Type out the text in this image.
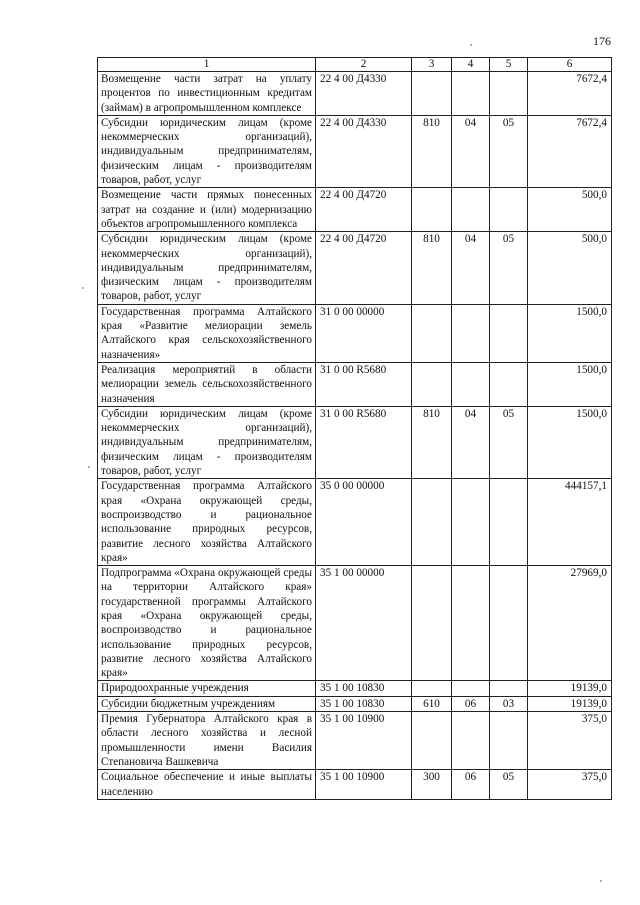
176
1	2	3	4	5	6
Возмещение части затрат на уплату процентов по инвестиционным кредитам (займам) в агропромышленном комплексе	22 4 00 Д4330				7672,4
Субсидии юридическим лицам (кроме некоммерческих организаций), индивидуальным предпринимателям, физическим лицам - производителям товаров, работ, услуг	22 4 00 Д4330	810	04	05	7672,4
Возмещение части прямых понесенных затрат на создание и (или) модернизацию объектов агропромышленного комплекса	22 4 00 Д4720				500,0
Субсидии юридическим лицам (кроме некоммерческих организаций), индивидуальным предпринимателям, физическим лицам - производителям товаров, работ, услуг	22 4 00 Д4720	810	04	05	500,0
Государственная программа Алтайского края «Развитие мелиорации земель Алтайского края сельскохозяйственного назначения»	31 0 00 00000				1500,0
Реализация мероприятий в области мелиорации земель сельскохозяйственного назначения	31 0 00 R5680				1500,0
Субсидии юридическим лицам (кроме некоммерческих организаций), индивидуальным предпринимателям, физическим лицам - производителям товаров, работ, услуг	31 0 00 R5680	810	04	05	1500,0
Государственная программа Алтайского края «Охрана окружающей среды, воспроизводство и рациональное использование природных ресурсов, развитие лесного хозяйства Алтайского края»	35 0 00 00000				444157,1
Подпрограмма «Охрана окружающей среды на территории Алтайского края» государственной программы Алтайского края «Охрана окружающей среды, воспроизводство и рациональное использование природных ресурсов, развитие лесного хозяйства Алтайского края»	35 1 00 00000				27969,0
Природоохранные учреждения	35 1 00 10830				19139,0
Субсидии бюджетным учреждениям	35 1 00 10830	610	06	03	19139,0
Премия Губернатора Алтайского края в области лесного хозяйства и лесной промышленности имени Василия Степановича Вашкевича	35 1 00 10900				375,0
Социальное обеспечение и иные выплаты населению	35 1 00 10900	300	06	05	375,0
